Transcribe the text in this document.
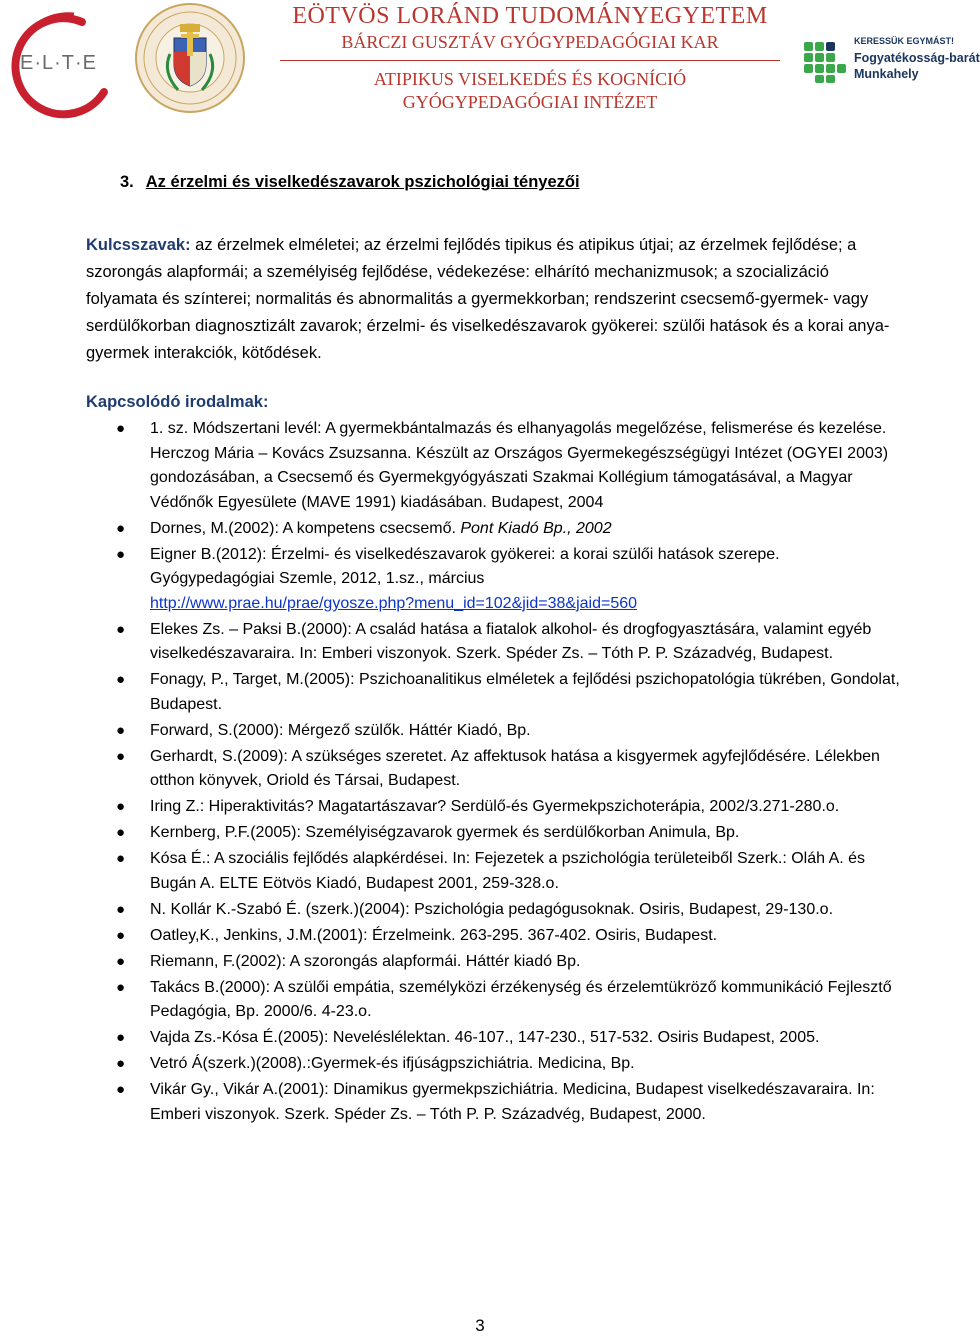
E·L·T·E
EÖTVÖS LORÁND TUDOMÁNYEGYETEM
BÁRCZI GUSZTÁV GYÓGYPEDAGÓGIAI KAR
ATIPIKUS VISELKEDÉS ÉS KOGNÍCIÓ
GYÓGYPEDAGÓGIAI INTÉZET
KERESSÜK EGYMÁST!
Fogyatékosság-barát
Munkahely
3. Az érzelmi és viselkedészavarok pszichológiai tényezői
Kulcsszavak: az érzelmek elméletei; az érzelmi fejlődés tipikus és atipikus útjai; az érzelmek fejlődése; a szorongás alapformái; a személyiség fejlődése, védekezése: elhárító mechanizmusok; a szocializáció folyamata és színterei; normalitás és abnormalitás a gyermekkorban; rendszerint csecsemő-gyermek- vagy serdülőkorban diagnosztizált zavarok; érzelmi- és viselkedészavarok gyökerei: szülői hatások és a korai anya-gyermek interakciók, kötődések.
Kapcsolódó irodalmak:
● 1. sz. Módszertani levél: A gyermekbántalmazás és elhanyagolás megelőzése, felismerése és kezelése. Herczog Mária – Kovács Zsuzsanna. Készült az Országos Gyermekegészségügyi Intézet (OGYEI 2003) gondozásában, a Csecsemő és Gyermekgyógyászati Szakmai Kollégium támogatásával, a Magyar Védőnők Egyesülete (MAVE 1991) kiadásában. Budapest, 2004
● Dornes, M.(2002): A kompetens csecsemő. Pont Kiadó Bp., 2002
● Eigner B.(2012): Érzelmi- és viselkedészavarok gyökerei: a korai szülői hatások szerepe. Gyógypedagógiai Szemle, 2012, 1.sz., március
http://www.prae.hu/prae/gyosze.php?menu_id=102&jid=38&jaid=560
● Elekes Zs. – Paksi B.(2000): A család hatása a fiatalok alkohol- és drogfogyasztására, valamint egyéb viselkedészavaraira. In: Emberi viszonyok. Szerk. Spéder Zs. – Tóth P. P. Századvég, Budapest.
● Fonagy, P., Target, M.(2005): Pszichoanalitikus elméletek a fejlődési pszichopatológia tükrében, Gondolat, Budapest.
● Forward, S.(2000): Mérgező szülők. Háttér Kiadó, Bp.
● Gerhardt, S.(2009): A szükséges szeretet. Az affektusok hatása a kisgyermek agyfejlődésére. Lélekben otthon könyvek, Oriold és Társai, Budapest.
● Iring Z.: Hiperaktivitás? Magatartászavar? Serdülő-és Gyermekpszichoterápia, 2002/3.271-280.o.
● Kernberg, P.F.(2005): Személyiségzavarok gyermek és serdülőkorban Animula, Bp.
● Kósa É.: A szociális fejlődés alapkérdései. In: Fejezetek a pszichológia területeiből Szerk.: Oláh A. és Bugán A. ELTE Eötvös Kiadó, Budapest 2001, 259-328.o.
● N. Kollár K.-Szabó É. (szerk.)(2004): Pszichológia pedagógusoknak. Osiris, Budapest, 29-130.o.
● Oatley,K., Jenkins, J.M.(2001): Érzelmeink. 263-295. 367-402. Osiris, Budapest.
● Riemann, F.(2002): A szorongás alapformái. Háttér kiadó Bp.
● Takács B.(2000): A szülői empátia, személyközi érzékenység és érzelemtükröző kommunikáció Fejlesztő Pedagógia, Bp. 2000/6. 4-23.o.
● Vajda Zs.-Kósa É.(2005): Neveléslélektan. 46-107., 147-230., 517-532. Osiris Budapest, 2005.
● Vetró Á(szerk.)(2008).:Gyermek-és ifjúságpszichiátria. Medicina, Bp.
● Vikár Gy., Vikár A.(2001): Dinamikus gyermekpszichiátria. Medicina, Budapest viselkedészavaraira. In: Emberi viszonyok. Szerk. Spéder Zs. – Tóth P. P. Századvég, Budapest, 2000.
3
